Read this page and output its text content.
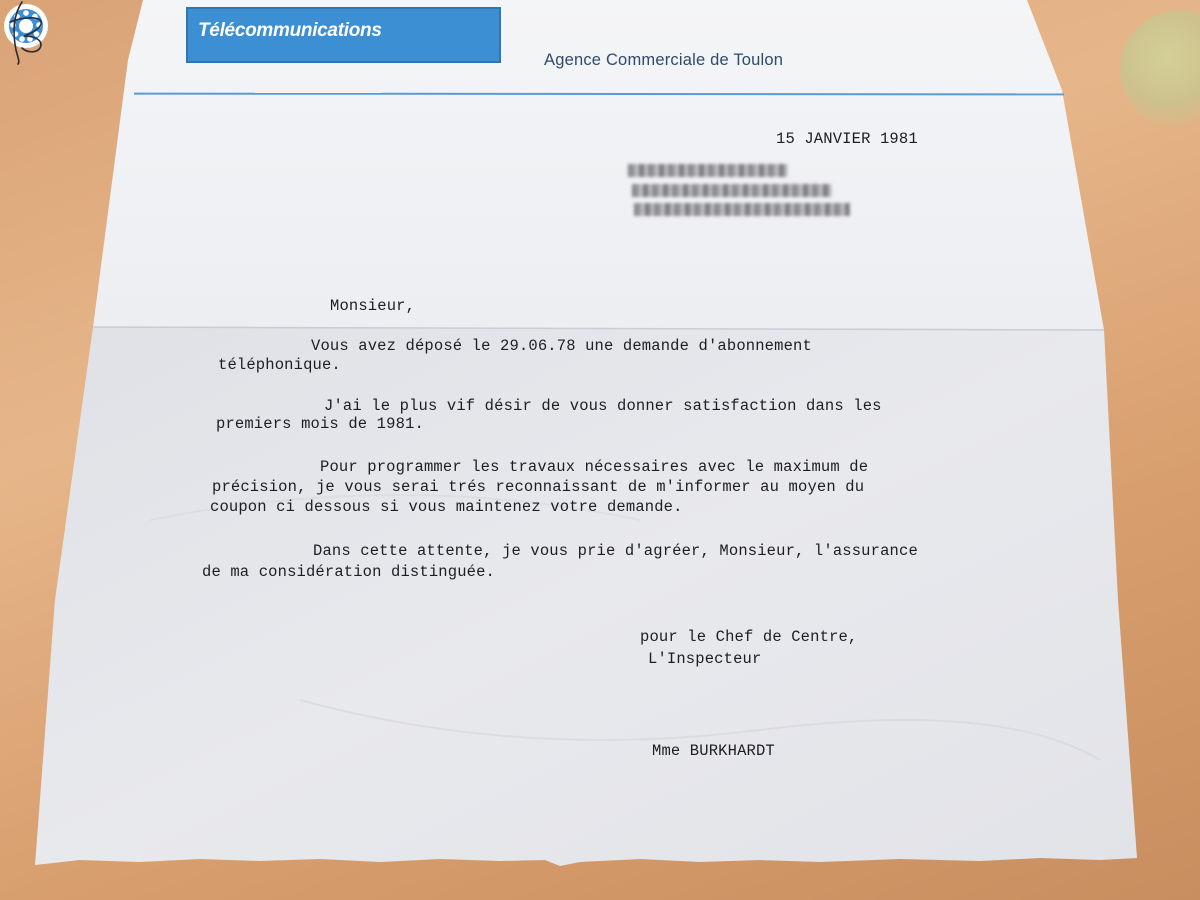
Télécommunications
Agence Commerciale de Toulon
15 JANVIER 1981
Monsieur,
Vous avez déposé le 29.06.78 une demande d'abonnement
téléphonique.
J'ai le plus vif désir de vous donner satisfaction dans les
premiers mois de 1981.
Pour programmer les travaux nécessaires avec le maximum de
précision, je vous serai trés reconnaissant de m'informer au moyen du
coupon ci dessous si vous maintenez votre demande.
Dans cette attente, je vous prie d'agréer, Monsieur, l'assurance
de ma considération distinguée.
pour le Chef de Centre,
L'Inspecteur
Mme BURKHARDT
